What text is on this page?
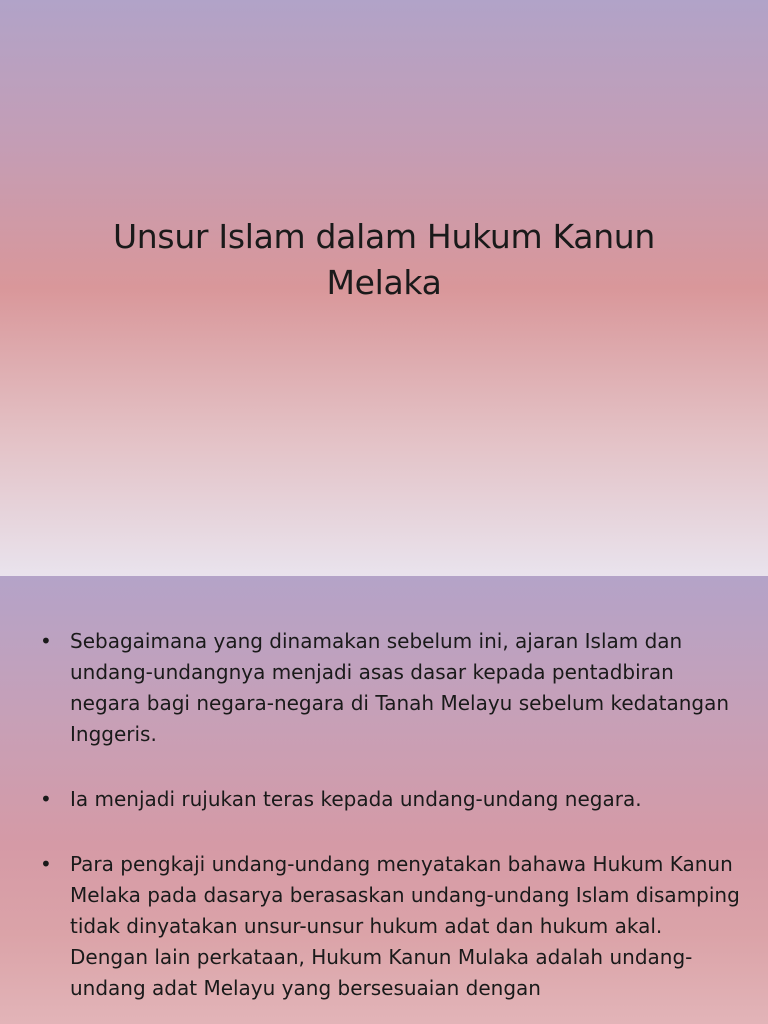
Unsur Islam dalam Hukum Kanun Melaka
• Sebagaimana yang dinamakan sebelum ini, ajaran Islam dan undang-undangnya menjadi asas dasar kepada pentadbiran negara bagi negara-negara di Tanah Melayu sebelum kedatangan Inggeris.
• Ia menjadi rujukan teras kepada undang-undang negara.
• Para pengkaji undang-undang menyatakan bahawa Hukum Kanun Melaka pada dasarya berasaskan undang-undang Islam disamping tidak dinyatakan unsur-unsur hukum adat dan hukum akal. Dengan lain perkataan, Hukum Kanun Mulaka adalah undang-undang adat Melayu yang bersesuaian dengan
